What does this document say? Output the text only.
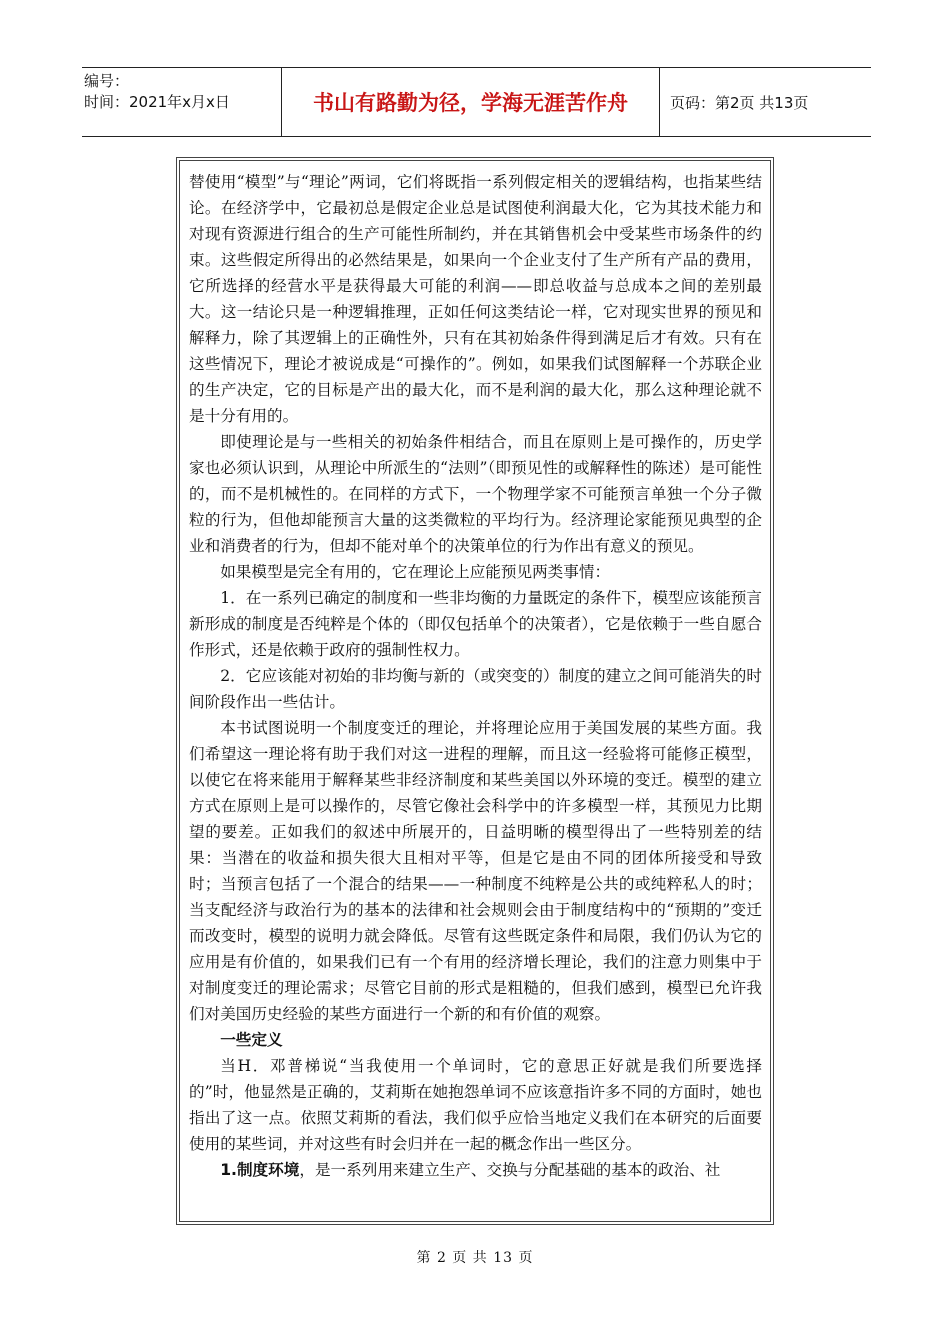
编号：
时间：2021年x月x日	书山有路勤为径，学海无涯苦作舟	页码：第2页 共13页

替使用“模型”与“理论”两词，它们将既指一系列假定相关的逻辑结构，也指某些结论。在经济学中，它最初总是假定企业总是试图使利润最大化，它为其技术能力和对现有资源进行组合的生产可能性所制约，并在其销售机会中受某些市场条件的约束。这些假定所得出的必然结果是，如果向一个企业支付了生产所有产品的费用，它所选择的经营水平是获得最大可能的利润——即总收益与总成本之间的差别最大。这一结论只是一种逻辑推理，正如任何这类结论一样，它对现实世界的预见和解释力，除了其逻辑上的正确性外，只有在其初始条件得到满足后才有效。只有在这些情况下，理论才被说成是“可操作的”。例如，如果我们试图解释一个苏联企业的生产决定，它的目标是产出的最大化，而不是利润的最大化，那么这种理论就不是十分有用的。

即使理论是与一些相关的初始条件相结合，而且在原则上是可操作的，历史学家也必须认识到，从理论中所派生的“法则”（即预见性的或解释性的陈述）是可能性的，而不是机械性的。在同样的方式下，一个物理学家不可能预言单独一个分子微粒的行为，但他却能预言大量的这类微粒的平均行为。经济理论家能预见典型的企业和消费者的行为，但却不能对单个的决策单位的行为作出有意义的预见。

如果模型是完全有用的，它在理论上应能预见两类事情：

1．在一系列已确定的制度和一些非均衡的力量既定的条件下，模型应该能预言新形成的制度是否纯粹是个体的（即仅包括单个的决策者），它是依赖于一些自愿合作形式，还是依赖于政府的强制性权力。

2．它应该能对初始的非均衡与新的（或突变的）制度的建立之间可能消失的时间阶段作出一些估计。

本书试图说明一个制度变迁的理论，并将理论应用于美国发展的某些方面。我们希望这一理论将有助于我们对这一进程的理解，而且这一经验将可能修正模型，以使它在将来能用于解释某些非经济制度和某些美国以外环境的变迁。模型的建立方式在原则上是可以操作的，尽管它像社会科学中的许多模型一样，其预见力比期望的要差。正如我们的叙述中所展开的，日益明晰的模型得出了一些特别差的结果：当潜在的收益和损失很大且相对平等，但是它是由不同的团体所接受和导致时；当预言包括了一个混合的结果——一种制度不纯粹是公共的或纯粹私人的时；当支配经济与政治行为的基本的法律和社会规则会由于制度结构中的“预期的”变迁而改变时，模型的说明力就会降低。尽管有这些既定条件和局限，我们仍认为它的应用是有价值的，如果我们已有一个有用的经济增长理论，我们的注意力则集中于对制度变迁的理论需求；尽管它目前的形式是粗糙的，但我们感到，模型已允许我们对美国历史经验的某些方面进行一个新的和有价值的观察。

一些定义

当H．邓普梯说“当我使用一个单词时，它的意思正好就是我们所要选择的”时，他显然是正确的，艾莉斯在她抱怨单词不应该意指许多不同的方面时，她也指出了这一点。依照艾莉斯的看法，我们似乎应恰当地定义我们在本研究的后面要使用的某些词，并对这些有时会归并在一起的概念作出一些区分。

1.制度环境，是一系列用来建立生产、交换与分配基础的基本的政治、社

第 2 页 共 13 页
